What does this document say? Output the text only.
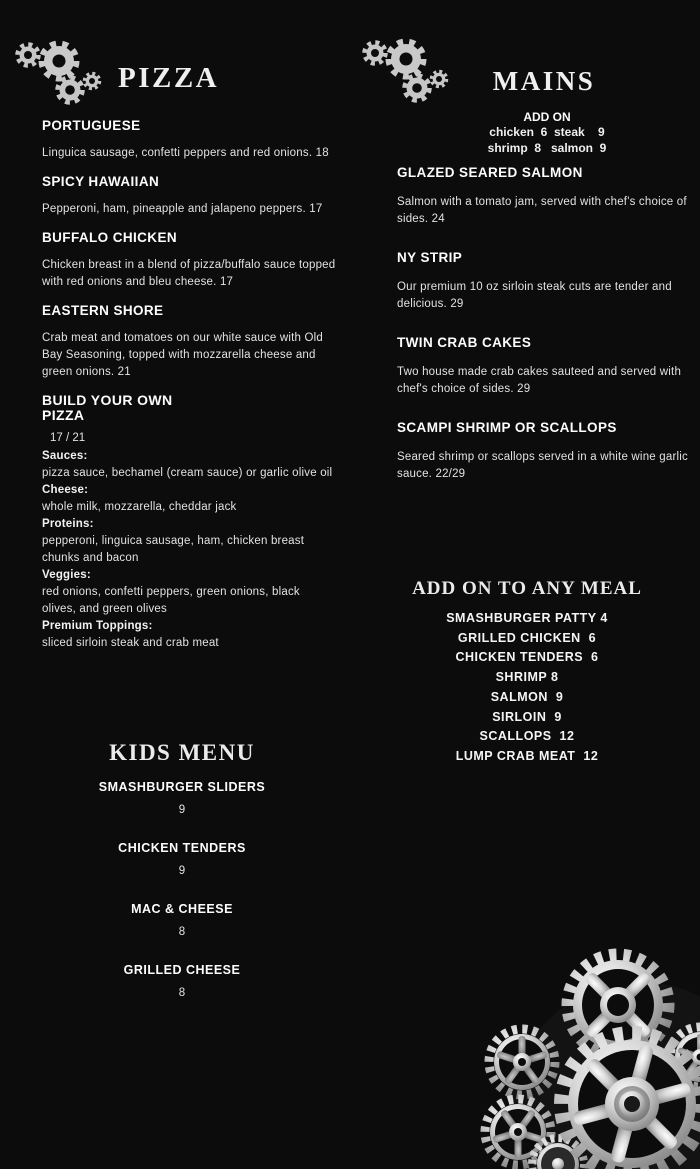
PIZZA	MAINS
ADD ON
chicken  6  steak    9
shrimp  8   salmon  9
PORTUGUESE
Linguica sausage, confetti peppers and red onions. 18
SPICY HAWAIIAN
Pepperoni, ham, pineapple and jalapeno peppers. 17
BUFFALO CHICKEN
Chicken breast in a blend of pizza/buffalo sauce topped with red onions and bleu cheese. 17
EASTERN SHORE
Crab meat and tomatoes on our white sauce with Old Bay Seasoning, topped with mozzarella cheese and green onions. 21
BUILD YOUR OWN
PIZZA
17 / 21
Sauces:
pizza sauce, bechamel (cream sauce) or garlic olive oil
Cheese:
whole milk, mozzarella, cheddar jack
Proteins:
pepperoni, linguica sausage, ham, chicken breast chunks and bacon
Veggies:
red onions, confetti peppers, green onions, black olives, and green olives
Premium Toppings:
sliced sirloin steak and crab meat
GLAZED SEARED SALMON
Salmon with a tomato jam, served with chef's choice of sides. 24
NY STRIP
Our premium 10 oz sirloin steak cuts are tender and delicious. 29
TWIN CRAB CAKES
Two house made crab cakes sauteed and served with chef's choice of sides. 29
SCAMPI SHRIMP OR SCALLOPS
Seared shrimp or scallops served in a white wine garlic sauce. 22/29
ADD ON TO ANY MEAL
SMASHBURGER PATTY 4
GRILLED CHICKEN  6
CHICKEN TENDERS  6
SHRIMP 8
SALMON  9
SIRLOIN  9
SCALLOPS  12
LUMP CRAB MEAT  12
KIDS MENU
SMASHBURGER SLIDERS
9
CHICKEN TENDERS
9
MAC & CHEESE
8
GRILLED CHEESE
8
